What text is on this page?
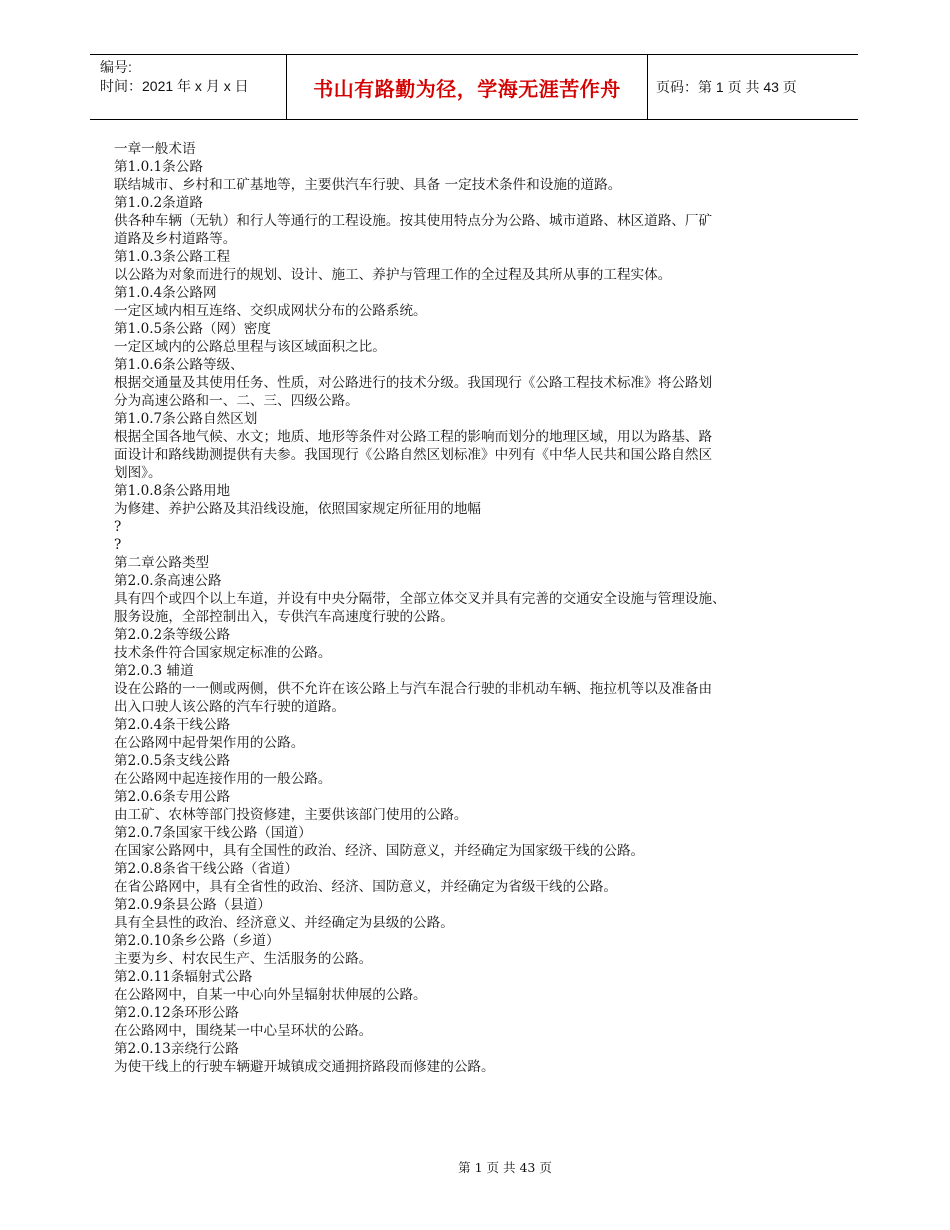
编号:
时间：2021 年 x 月 x 日	书山有路勤为径，学海无涯苦作舟	页码：第 1 页 共 43 页
一章一般术语
第1.0.1条公路
联结城市、乡村和工矿基地等，主要供汽车行驶、具备 一定技术条件和设施的道路。
第1.0.2条道路
供各种车辆（无轨）和行人等通行的工程设施。按其使用特点分为公路、城市道路、林区道路、厂矿
道路及乡村道路等。
第1.0.3条公路工程
以公路为对象而进行的规划、设计、施工、养护与管理工作的全过程及其所从事的工程实体。
第1.0.4条公路网
一定区域内相互连络、交织成网状分布的公路系统。
第1.0.5条公路（网）密度
一定区域内的公路总里程与该区域面积之比。
第1.0.6条公路等级、
根据交通量及其使用任务、性质，对公路进行的技术分级。我国现行《公路工程技术标准》将公路划
分为高速公路和一、二、三、四级公路。
第1.0.7条公路自然区划
根据全国各地气候、水文；地质、地形等条件对公路工程的影响而划分的地理区域，用以为路基、路
面设计和路线勘测提供有夫参。我国现行《公路自然区划标准》中列有《中华人民共和国公路自然区
划图》。
第1.0.8条公路用地
为修建、养护公路及其沿线设施，依照国家规定所征用的地幅
?
?
第二章公路类型
第2.0.条高速公路
具有四个或四个以上车道，并设有中央分隔带，全部立体交叉并具有完善的交通安全设施与管理设施、
服务设施，全部控制出入，专供汽车高速度行驶的公路。
第2.0.2条等级公路
技术条件符合国家规定标准的公路。
第2.0.3 辅道
设在公路的一一侧或两侧，供不允许在该公路上与汽车混合行驶的非机动车辆、拖拉机等以及准备由
出入口驶人该公路的汽车行驶的道路。
第2.0.4条干线公路
在公路网中起骨架作用的公路。
第2.0.5条支线公路
在公路网中起连接作用的一般公路。
第2.0.6条专用公路
由工矿、农林等部门投资修建，主要供该部门使用的公路。
第2.0.7条国家干线公路（国道）
在国家公路网中，具有全国性的政治、经济、国防意义，并经确定为国家级干线的公路。
第2.0.8条省干线公路（省道）
在省公路网中，具有全省性的政治、经济、国防意义，并经确定为省级干线的公路。
第2.0.9条县公路（县道）
具有全县性的政治、经济意义、并经确定为县级的公路。
第2.0.10条乡公路（乡道）
主要为乡、村农民生产、生活服务的公路。
第2.0.11条辐射式公路
在公路网中，自某一中心向外呈辐射状伸展的公路。
第2.0.12条环形公路
在公路网中，围绕某一中心呈环状的公路。
第2.0.13亲绕行公路
为使干线上的行驶车辆避开城镇成交通拥挤路段而修建的公路。
第 1 页 共 43 页
